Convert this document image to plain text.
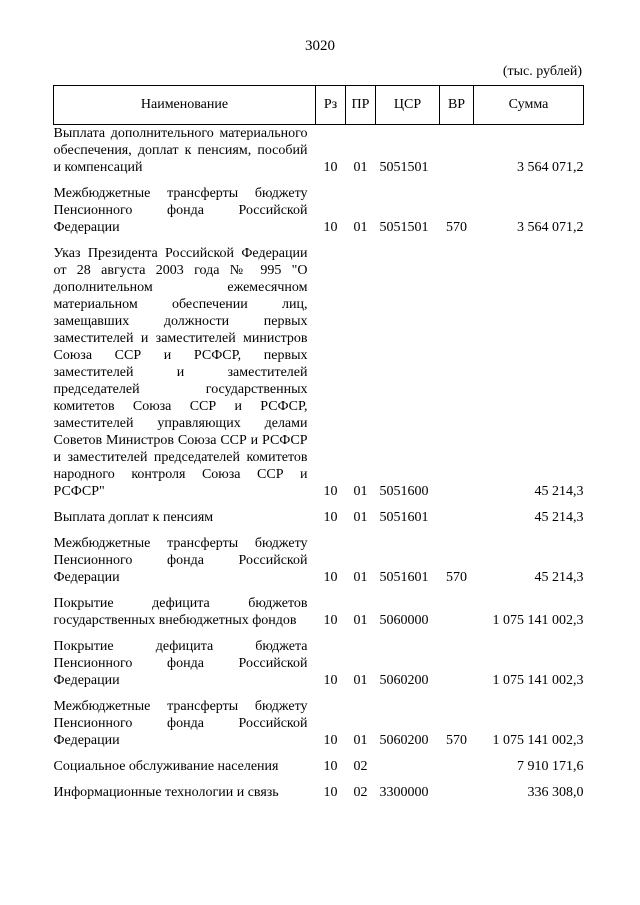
3020
(тыс. рублей)
Наименование	Рз	ПР	ЦСР	ВР	Сумма
Выплата дополнительного материального обеспечения, доплат к пенсиям, пособий и компенсаций	10	01	5051501		3 564 071,2

Межбюджетные трансферты бюджету Пенсионного фонда Российской Федерации	10	01	5051501	570	3 564 071,2

Указ Президента Российской Федерации от 28 августа 2003 года № 995 "О дополнительном ежемесячном материальном обеспечении лиц, замещавших должности первых заместителей и заместителей министров Союза ССР и РСФСР, первых заместителей и заместителей председателей государственных комитетов Союза ССР и РСФСР, заместителей управляющих делами Советов Министров Союза ССР и РСФСР и заместителей председателей комитетов народного контроля Союза ССР и РСФСР"	10	01	5051600		45 214,3

Выплата доплат к пенсиям	10	01	5051601		45 214,3

Межбюджетные трансферты бюджету Пенсионного фонда Российской Федерации	10	01	5051601	570	45 214,3

Покрытие дефицита бюджетов государственных внебюджетных фондов	10	01	5060000		1 075 141 002,3

Покрытие дефицита бюджета Пенсионного фонда Российской Федерации	10	01	5060200		1 075 141 002,3

Межбюджетные трансферты бюджету Пенсионного фонда Российской Федерации	10	01	5060200	570	1 075 141 002,3

Социальное обслуживание населения	10	02			7 910 171,6

Информационные технологии и связь	10	02	3300000		336 308,0
